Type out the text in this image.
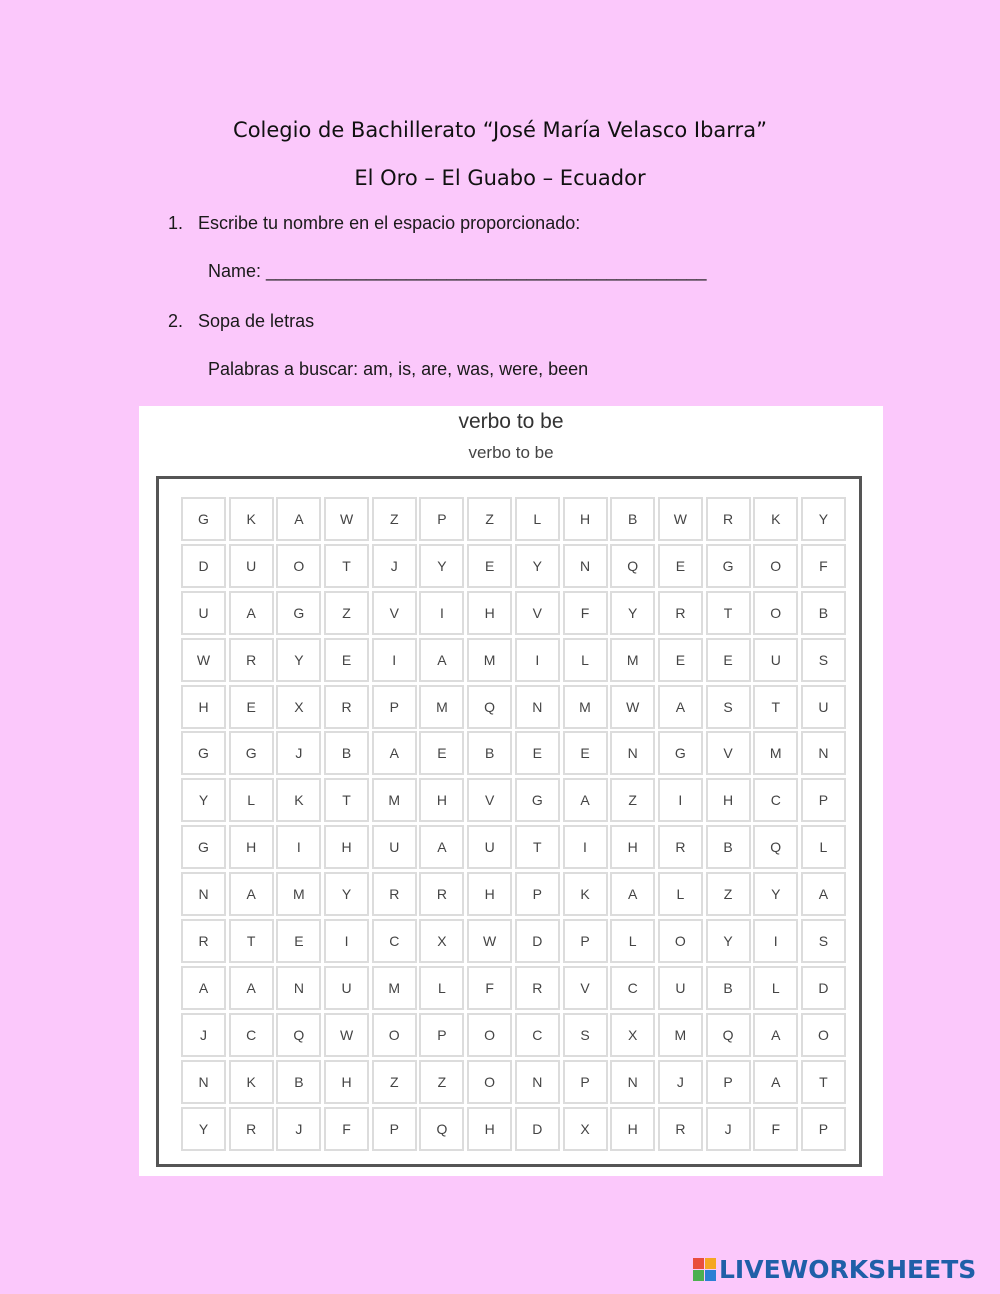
Colegio de Bachillerato “José María Velasco Ibarra”
El Oro – El Guabo – Ecuador
1. Escribe tu nombre en el espacio proporcionado:
Name: ____________________________________________
2. Sopa de letras
Palabras a buscar: am, is, are, was, were, been
verbo to be
verbo to be
G	K	A	W	Z	P	Z	L	H	B	W	R	K	Y
D	U	O	T	J	Y	E	Y	N	Q	E	G	O	F
U	A	G	Z	V	I	H	V	F	Y	R	T	O	B
W	R	Y	E	I	A	M	I	L	M	E	E	U	S
H	E	X	R	P	M	Q	N	M	W	A	S	T	U
G	G	J	B	A	E	B	E	E	N	G	V	M	N
Y	L	K	T	M	H	V	G	A	Z	I	H	C	P
G	H	I	H	U	A	U	T	I	H	R	B	Q	L
N	A	M	Y	R	R	H	P	K	A	L	Z	Y	A
R	T	E	I	C	X	W	D	P	L	O	Y	I	S
A	A	N	U	M	L	F	R	V	C	U	B	L	D
J	C	Q	W	O	P	O	C	S	X	M	Q	A	O
N	K	B	H	Z	Z	O	N	P	N	J	P	A	T
Y	R	J	F	P	Q	H	D	X	H	R	J	F	P
LIVEWORKSHEETS
